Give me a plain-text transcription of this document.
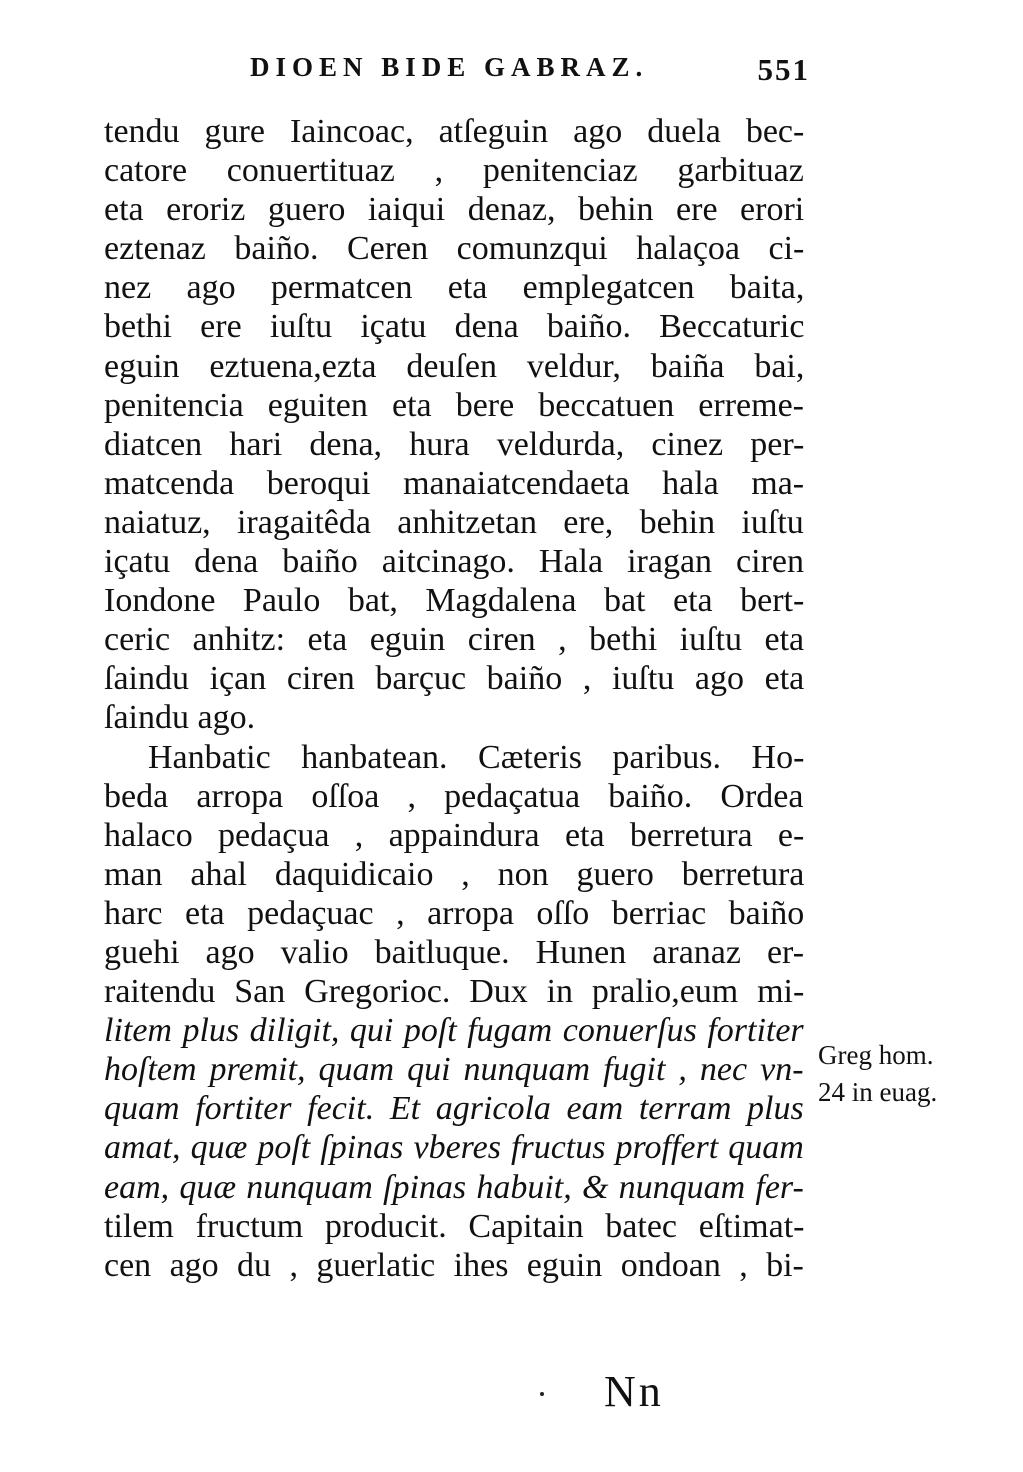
DIOEN BIDE GABRAZ.	551
tendu gure Iaincoac, atſeguin ago duela bec-
catore conuertituaz , penitenciaz garbituaz
eta eroriz guero iaiqui denaz, behin ere erori
eztenaz baiño. Ceren comunzqui halaçoa ci-
nez ago permatcen eta emplegatcen baita,
bethi ere iuſtu içatu dena baiño. Beccaturic
eguin eztuena,ezta deuſen veldur, baiña bai,
penitencia eguiten eta bere beccatuen erreme-
diatcen hari dena, hura veldurda, cinez per-
matcenda beroqui manaiatcendaeta hala ma-
naiatuz, iragaitêda anhitzetan ere, behin iuſtu
içatu dena baiño aitcinago. Hala iragan ciren
Iondone Paulo bat, Magdalena bat eta bert-
ceric anhitz: eta eguin ciren , bethi iuſtu eta
ſaindu içan ciren barçuc baiño , iuſtu ago eta
ſaindu ago.
Hanbatic hanbatean. Cæteris paribus. Ho-
beda arropa oſſoa , pedaçatua baiño. Ordea
halaco pedaçua , appaindura eta berretura e-
man ahal daquidicaio , non guero berretura
harc eta pedaçuac , arropa oſſo berriac baiño
guehi ago valio baitluque. Hunen aranaz er-
raitendu San Gregorioc. Dux in pralio,eum mi-
litem plus diligit, qui poſt fugam conuerſus fortiter
hoſtem premit, quam qui nunquam fugit , nec vn-
quam fortiter fecit. Et agricola eam terram plus
amat, quæ poſt ſpinas vberes fructus proffert quam
eam, quæ nunquam ſpinas habuit, & nunquam fer-
tilem fructum producit. Capitain batec eſtimat-
cen ago du , guerlatic ihes eguin ondoan , bi-
Greg hom.
24 in euag.
Nn
